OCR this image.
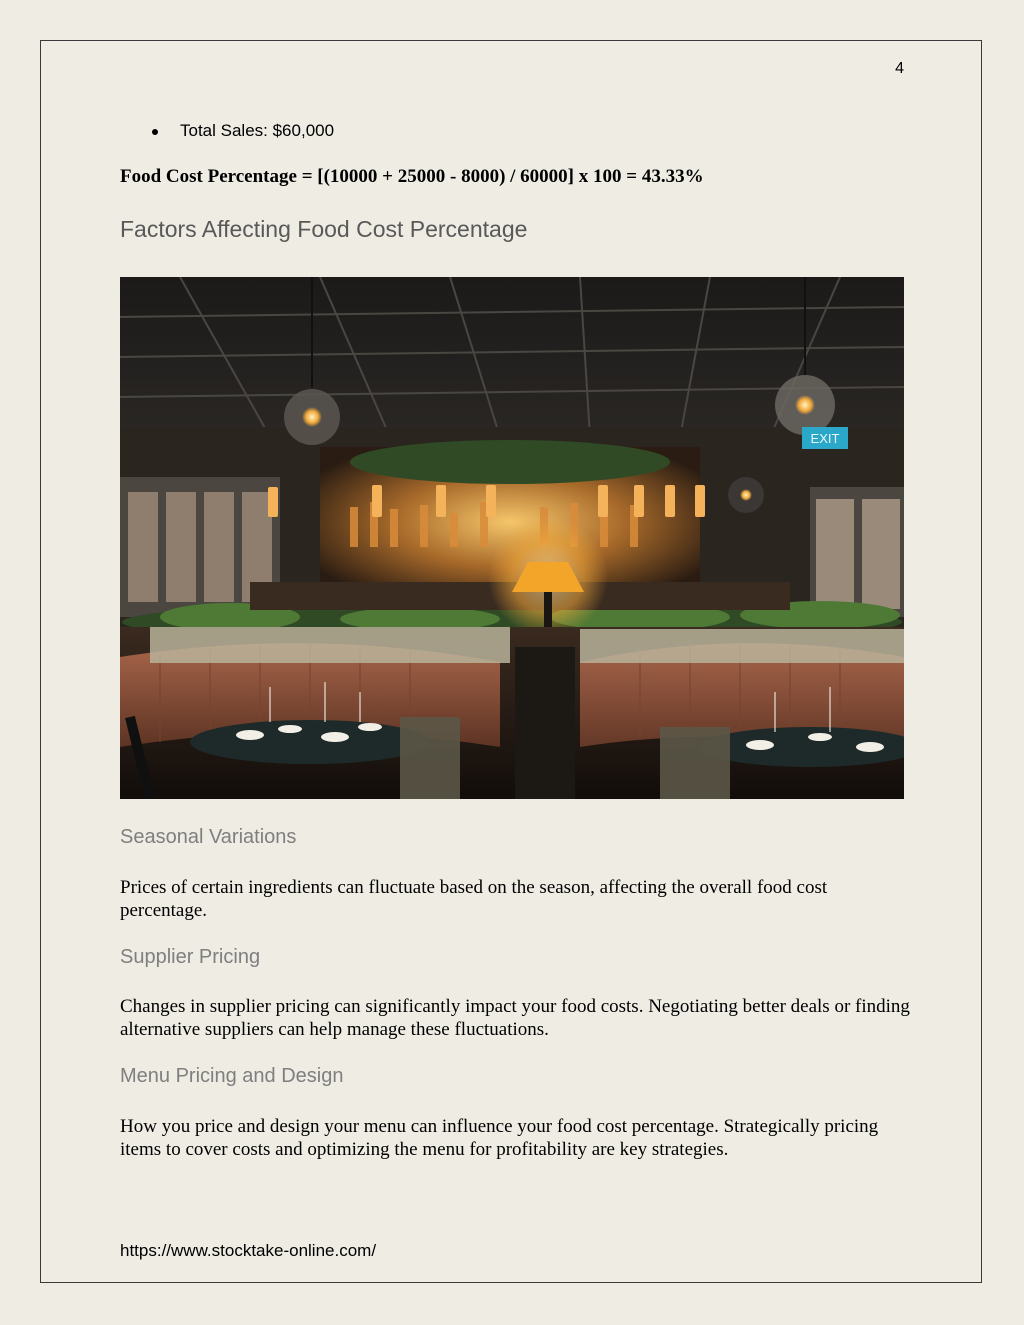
4
Total Sales: $60,000
Food Cost Percentage = [(10000 + 25000 - 8000) / 60000] x 100 = 43.33%
Factors Affecting Food Cost Percentage
EXIT
Seasonal Variations

Prices of certain ingredients can fluctuate based on the season, affecting the overall food cost percentage.

Supplier Pricing

Changes in supplier pricing can significantly impact your food costs. Negotiating better deals or finding alternative suppliers can help manage these fluctuations.

Menu Pricing and Design

How you price and design your menu can influence your food cost percentage. Strategically pricing items to cover costs and optimizing the menu for profitability are key strategies.

https://www.stocktake-online.com/
